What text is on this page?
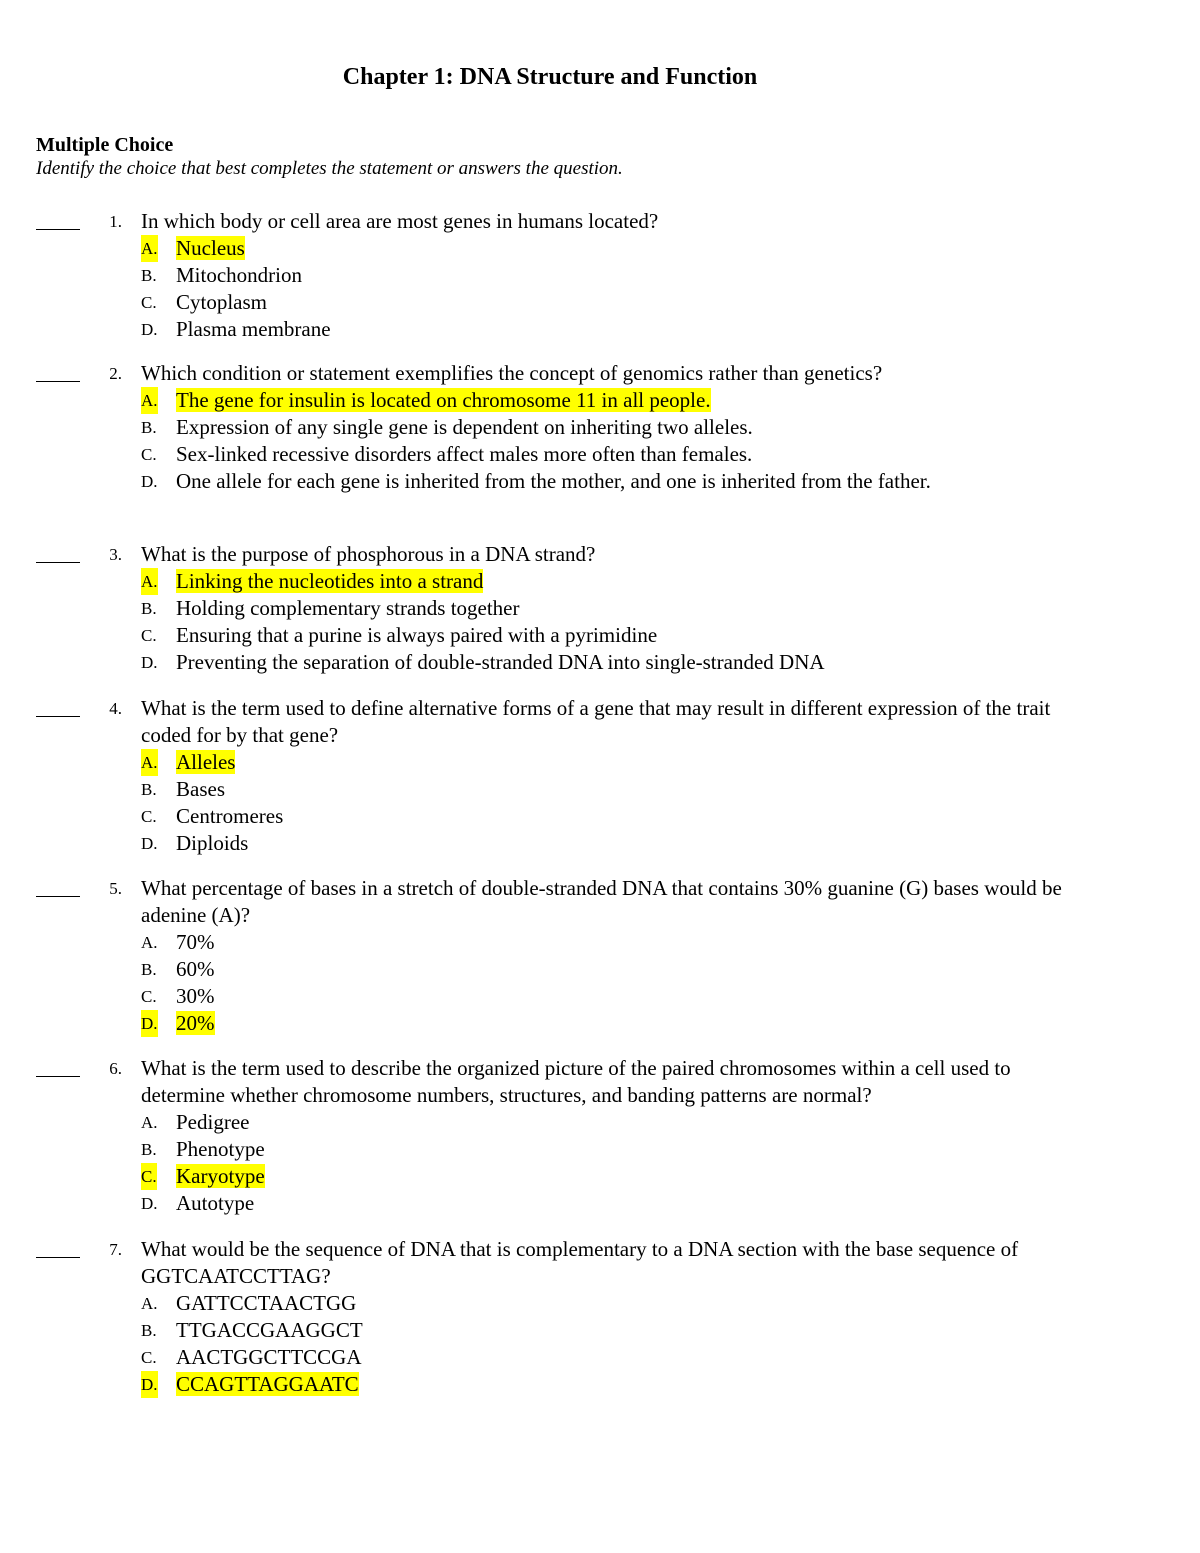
Chapter 1: DNA Structure and Function
Multiple Choice
Identify the choice that best completes the statement or answers the question.
1. In which body or cell area are most genes in humans located?
A. Nucleus
B. Mitochondrion
C. Cytoplasm
D. Plasma membrane
2. Which condition or statement exemplifies the concept of genomics rather than genetics?
A. The gene for insulin is located on chromosome 11 in all people.
B. Expression of any single gene is dependent on inheriting two alleles.
C. Sex-linked recessive disorders affect males more often than females.
D. One allele for each gene is inherited from the mother, and one is inherited from the father.
3. What is the purpose of phosphorous in a DNA strand?
A. Linking the nucleotides into a strand
B. Holding complementary strands together
C. Ensuring that a purine is always paired with a pyrimidine
D. Preventing the separation of double-stranded DNA into single-stranded DNA
4. What is the term used to define alternative forms of a gene that may result in different expression of the trait coded for by that gene?
A. Alleles
B. Bases
C. Centromeres
D. Diploids
5. What percentage of bases in a stretch of double-stranded DNA that contains 30% guanine (G) bases would be adenine (A)?
A. 70%
B. 60%
C. 30%
D. 20%
6. What is the term used to describe the organized picture of the paired chromosomes within a cell used to determine whether chromosome numbers, structures, and banding patterns are normal?
A. Pedigree
B. Phenotype
C. Karyotype
D. Autotype
7. What would be the sequence of DNA that is complementary to a DNA section with the base sequence of GGTCAATCCTTAG?
A. GATTCCTAACTGG
B. TTGACCGAAGGCT
C. AACTGGCTTCCGA
D. CCAGTTAGGAATC
